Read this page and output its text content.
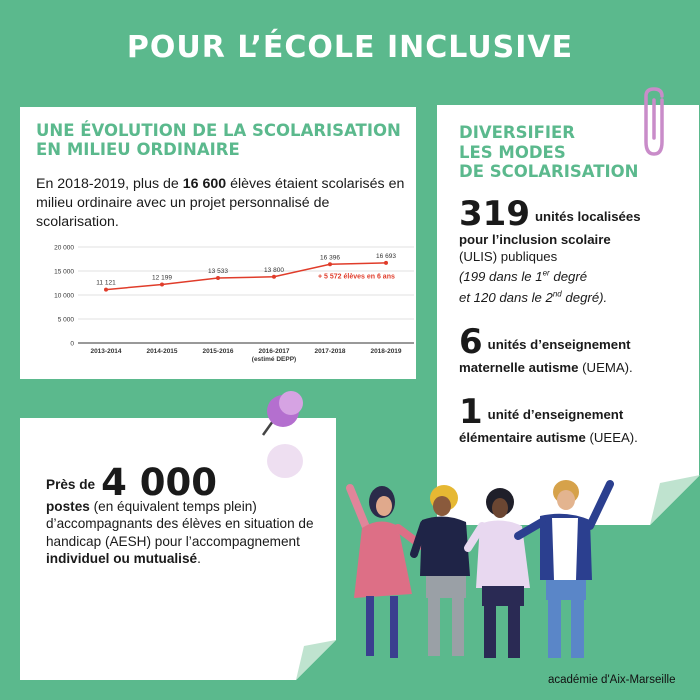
POUR L’ÉCOLE INCLUSIVE
UNE ÉVOLUTION DE LA SCOLARISATION
EN MILIEU ORDINAIRE
En 2018-2019, plus de 16 600 élèves étaient scolarisés en milieu ordinaire avec un projet personnalisé de scolarisation.
0
5 000
10 000
15 000
20 000
2013-2014	2014-2015	2015-2016	2016-2017
(estimé DEPP)
2017-2018	2018-2019
11 121
12 199
13 533	13 800
16 396	16 693
+ 5 572 élèves en 6 ans
DIVERSIFIER
LES MODES
DE SCOLARISATION
319 unités localisées
pour l’inclusion scolaire
(ULIS) publiques
(199 dans le 1er degré
et 120 dans le 2nd degré).
6 unités d’enseignement
maternelle autisme (UEMA).
1 unité d’enseignement
élémentaire autisme (UEEA).
Près de 4 000
postes (en équivalent temps plein) d’accompagnants des élèves en situation de handicap (AESH) pour l’accompagnement individuel ou mutualisé.
académie d'Aix-Marseille
